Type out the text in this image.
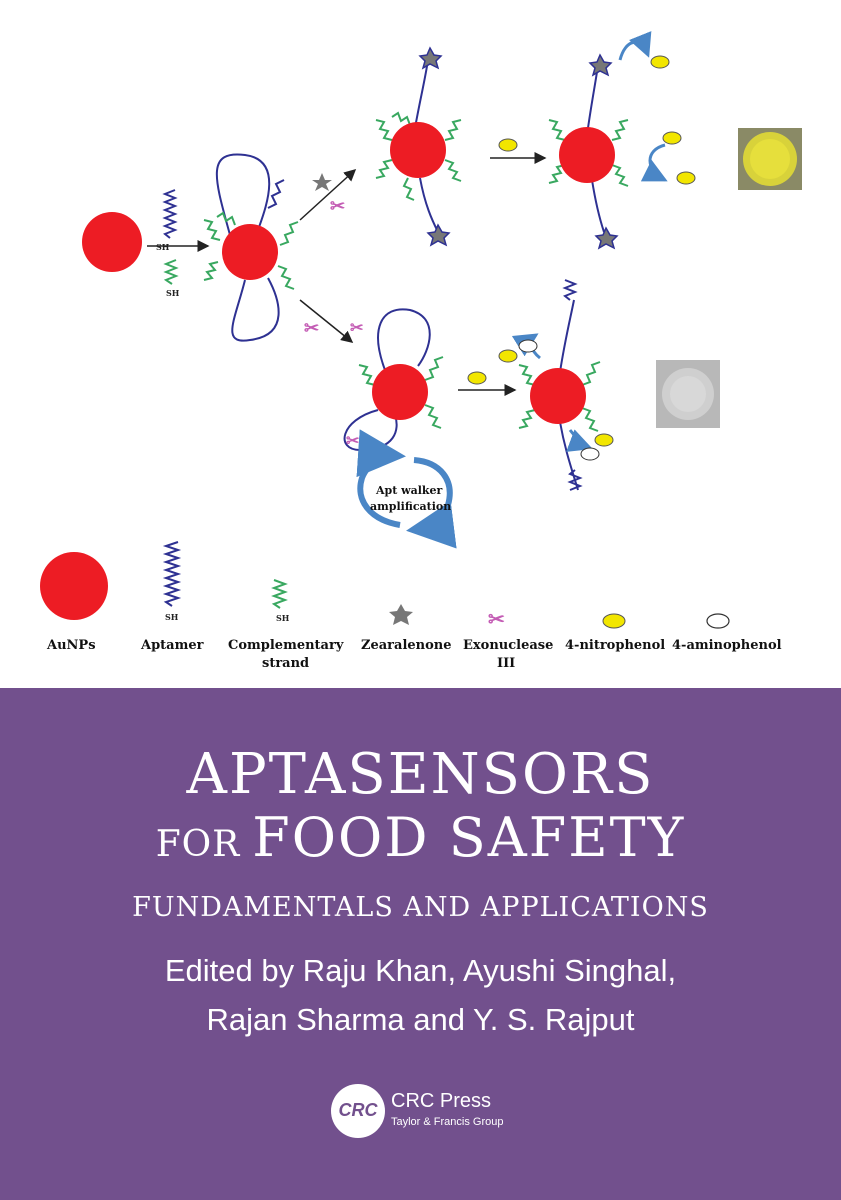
SH
SH
✂
✂ ✂
✂
Apt walker
amplification
AuNPs
SH
Aptamer
SH
Complementary
strand
Zearalenone
✂
Exonuclease
III
4-nitrophenol 4-aminophenol
APTASENSORS
FOR FOOD SAFETY
FUNDAMENTALS AND APPLICATIONS
Edited by Raju Khan, Ayushi Singhal,
Rajan Sharma and Y. S. Rajput
CRC CRC Press
Taylor & Francis Group
